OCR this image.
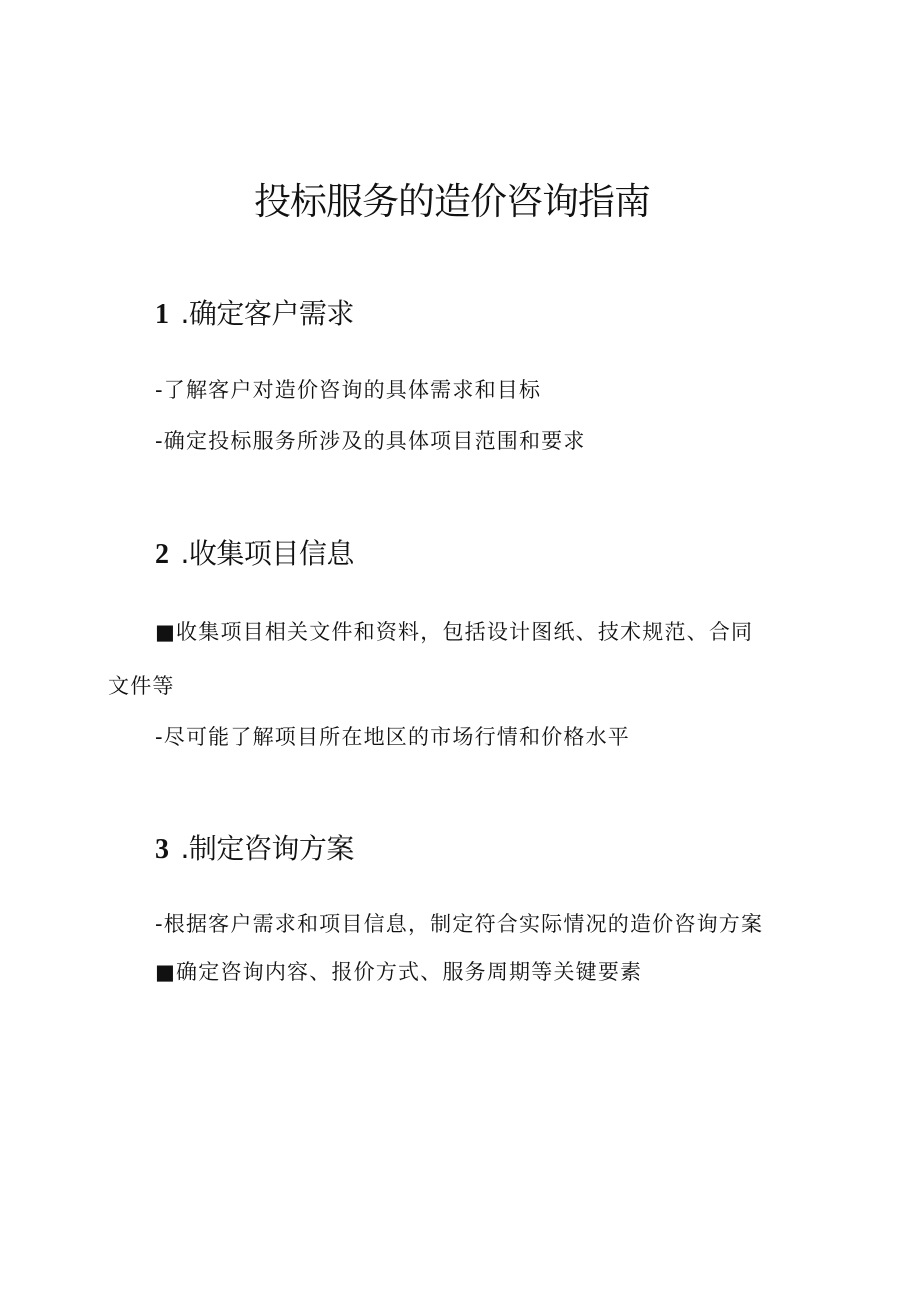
投标服务的造价咨询指南
1 .确定客户需求

-了解客户对造价咨询的具体需求和目标

-确定投标服务所涉及的具体项目范围和要求

2 .收集项目信息

■收集项目相关文件和资料，包括设计图纸、技术规范、合同

文件等

-尽可能了解项目所在地区的市场行情和价格水平

3 .制定咨询方案

-根据客户需求和项目信息，制定符合实际情况的造价咨询方案

■确定咨询内容、报价方式、服务周期等关键要素
